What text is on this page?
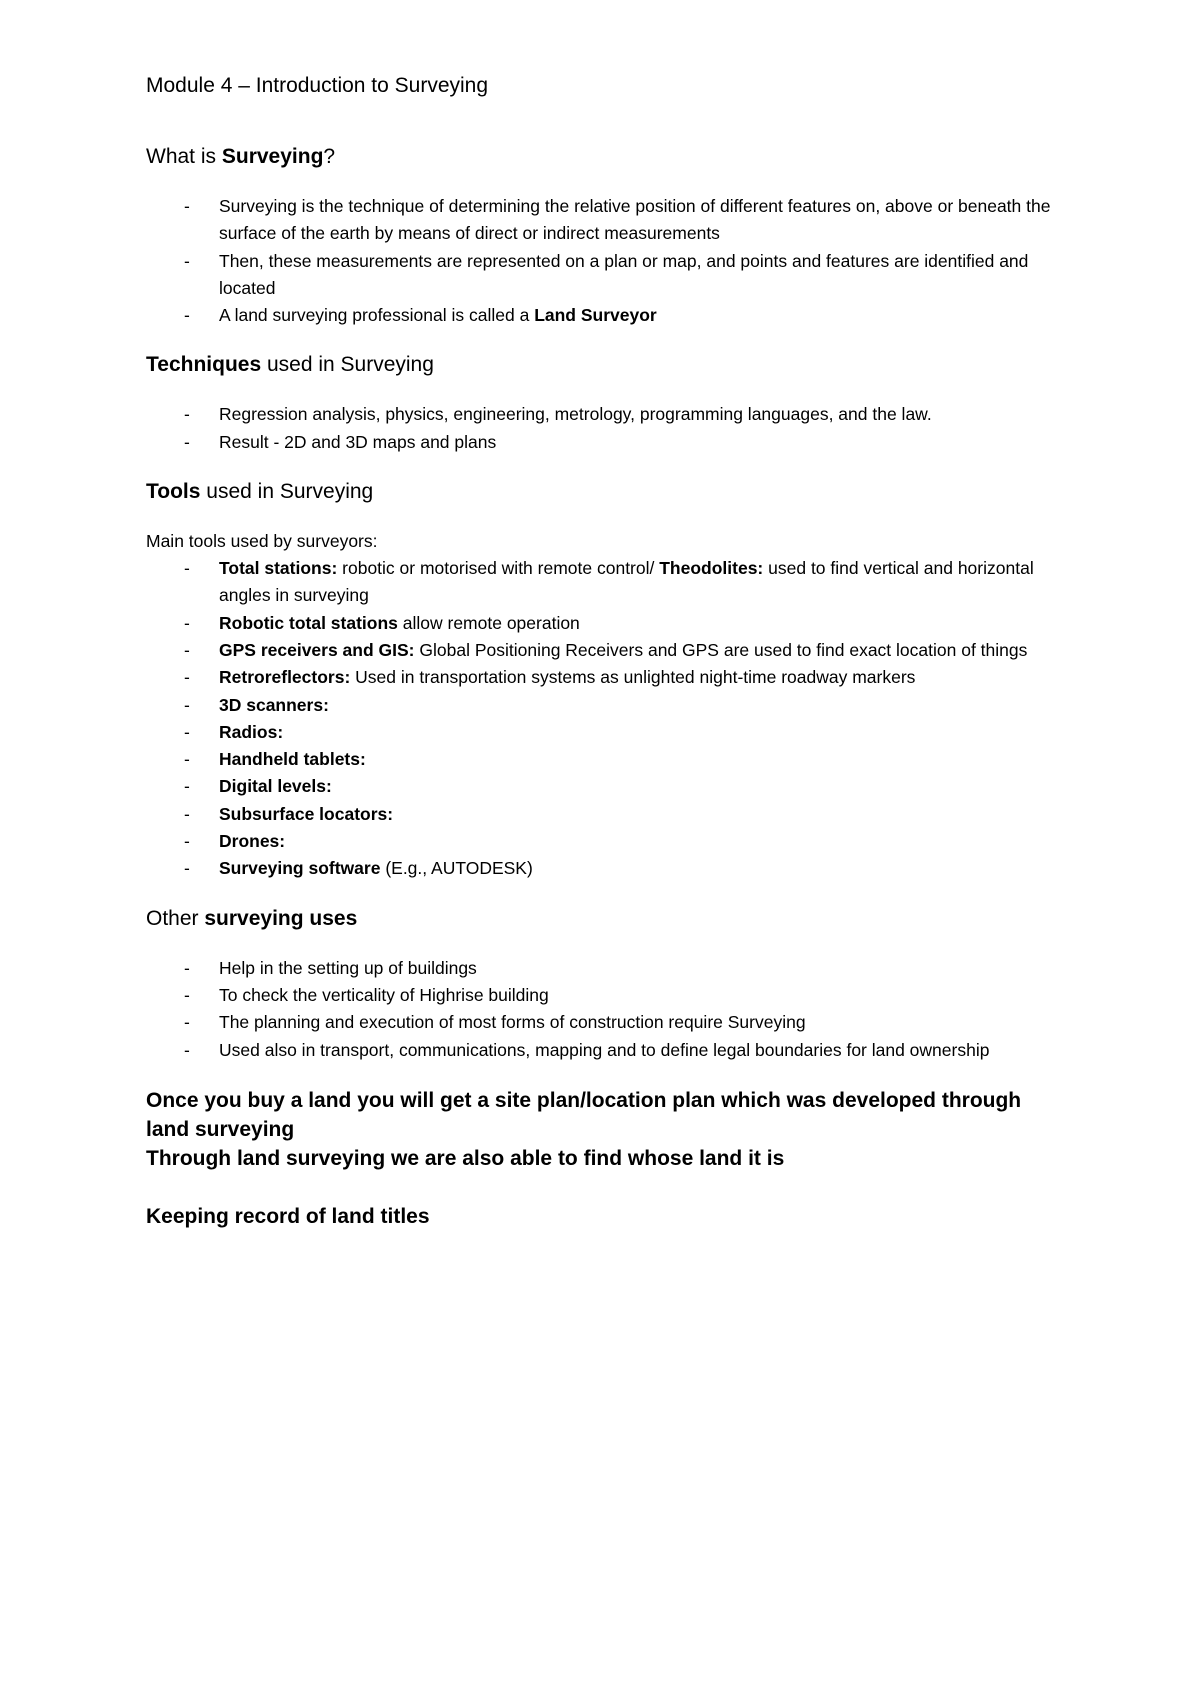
Module 4 – Introduction to Surveying
What is Surveying?
- Surveying is the technique of determining the relative position of different features on, above or beneath the surface of the earth by means of direct or indirect measurements
- Then, these measurements are represented on a plan or map, and points and features are identified and located
- A land surveying professional is called a Land Surveyor
Techniques used in Surveying
- Regression analysis, physics, engineering, metrology, programming languages, and the law.
- Result - 2D and 3D maps and plans
Tools used in Surveying

Main tools used by surveyors:

- Total stations: robotic or motorised with remote control/ Theodolites: used to find vertical and horizontal angles in surveying
- Robotic total stations allow remote operation
- GPS receivers and GIS: Global Positioning Receivers and GPS are used to find exact location of things
- Retroreflectors: Used in transportation systems as unlighted night-time roadway markers
- 3D scanners:
- Radios:
- Handheld tablets:
- Digital levels:
- Subsurface locators:
- Drones:
- Surveying software (E.g., AUTODESK)
Other surveying uses
- Help in the setting up of buildings
- To check the verticality of Highrise building
- The planning and execution of most forms of construction require Surveying
- Used also in transport, communications, mapping and to define legal boundaries for land ownership

Once you buy a land you will get a site plan/location plan which was developed through land surveying

Through land surveying we are also able to find whose land it is

Keeping record of land titles
